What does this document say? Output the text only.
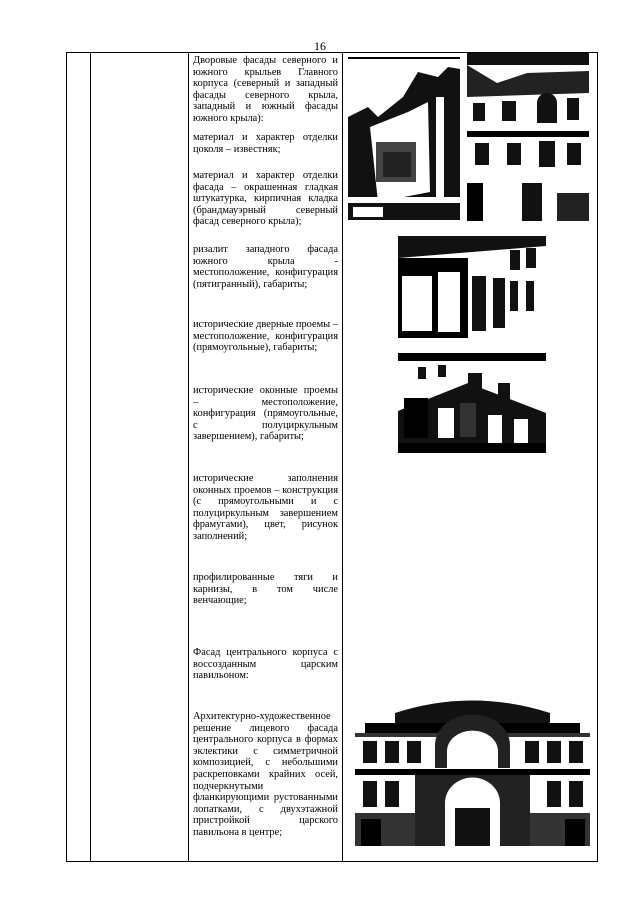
16
Дворовые фасады северного и южного крыльев Главного корпуса (северный и западный фасады северного крыла, западный и южный фасады южного крыла):
материал и характер отделки цоколя – известняк;
материал и характер отделки фасада – окрашенная гладкая штукатурка, кирпичная кладка (брандмауэрный северный фасад северного крыла);
ризалит западного фасада южного крыла - местоположение, конфигурация (пятигранный), габариты;
исторические дверные проемы – местоположение, конфигурация (прямоугольные), габариты;
исторические оконные проемы – местоположение, конфигурация (прямоугольные, с полуциркульным завершением), габариты;
исторические заполнения оконных проемов – конструкция (с прямоугольными и с полуциркульным завершением фрамугами), цвет, рисунок заполнений;
профилированные тяги и карнизы, в том числе венчающие;
Фасад центрального корпуса с воссозданным царским павильоном:
Архитектурно-художественное решение лицевого фасада центрального корпуса в формах эклектики с симметричной композицией, с небольшими раскреповками крайних осей, подчеркнутыми фланкирующими рустованными лопатками, с двухэтажной пристройкой царского павильона в центре;
